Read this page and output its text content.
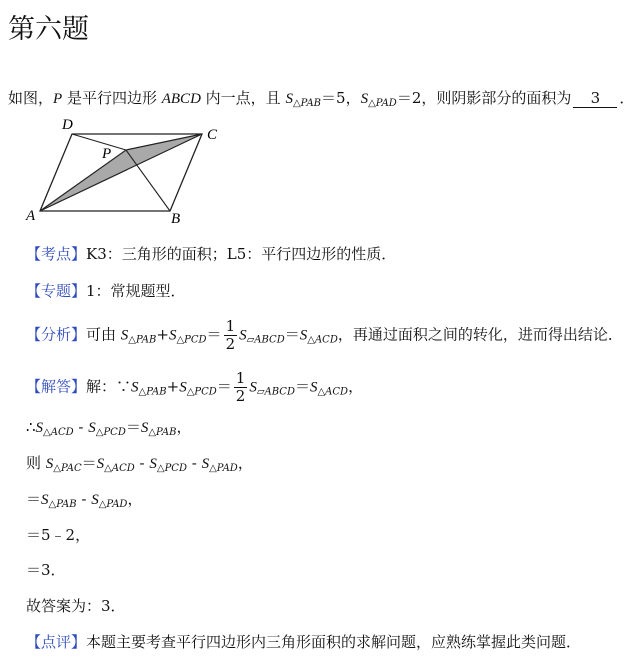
第六题
如图，P 是平行四边形 ABCD 内一点，且 $S_{\triangle PAB}=5$，$S_{\triangle PAD}=2$，则阴影部分的面积为 3 ．
D
C
P
A	B
【考点】K3：三角形的面积；L5：平行四边形的性质．
【专题】1：常规题型．
【分析】可由 $S_{\triangle PAB}+S_{\triangle PCD}= \frac{1}{2} S_{▱ABCD}=S_{\triangle ACD}$，再通过面积之间的转化，进而得出结论．
【解答】解：$\because S_{\triangle PAB}+S_{\triangle PCD}= \frac{1}{2} S_{▱ABCD}=S_{\triangle ACD}$，
$\therefore S_{\triangle ACD} - S_{\triangle PCD}=S_{\triangle PAB}$，
则 $S_{\triangle PAC}=S_{\triangle ACD} - S_{\triangle PCD} - S_{\triangle PAD}$，
$=S_{\triangle PAB} - S_{\triangle PAD}$，
＝5﹣2，
＝3．
故答案为：3．
【点评】本题主要考查平行四边形内三角形面积的求解问题，应熟练掌握此类问题．
